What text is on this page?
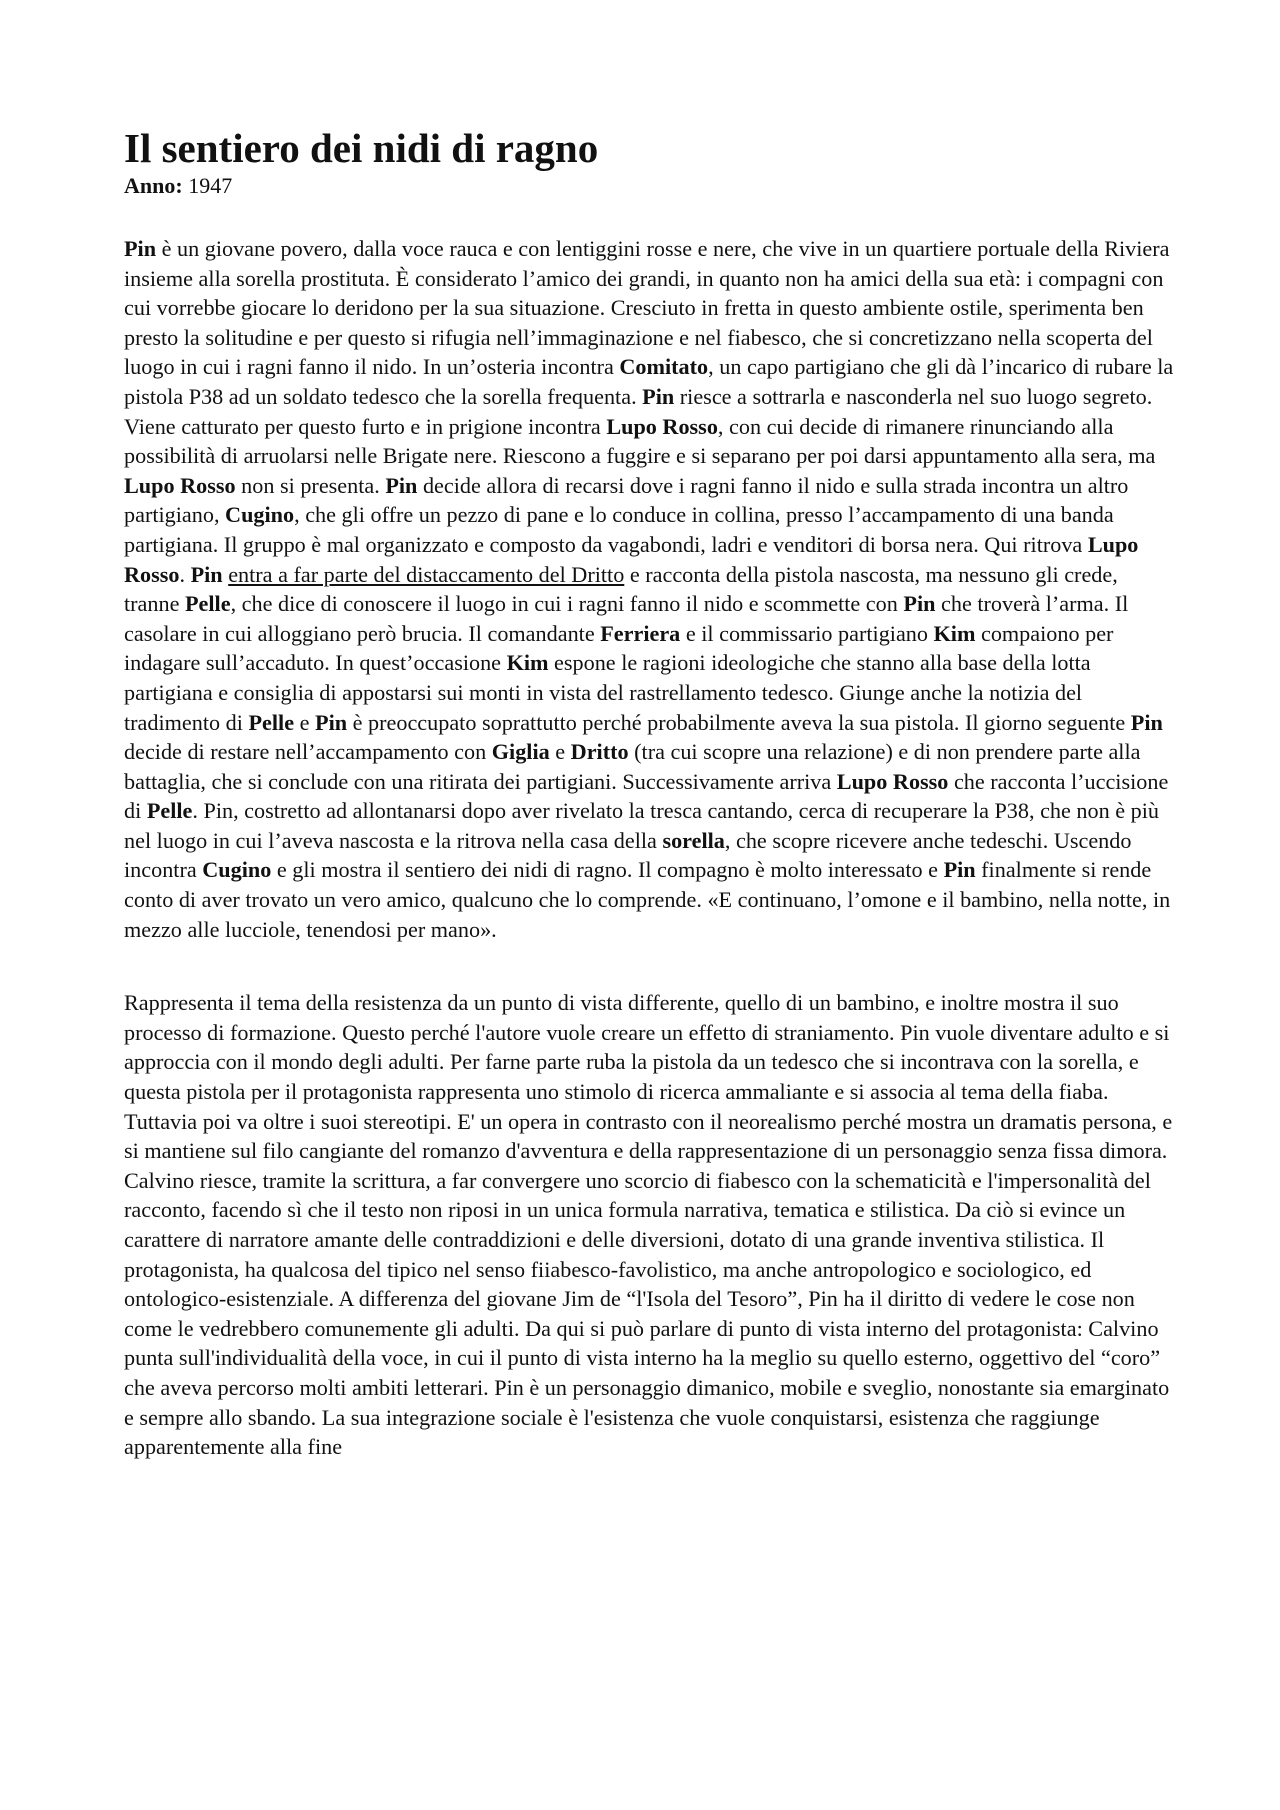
Il sentiero dei nidi di ragno

Anno: 1947

Pin è un giovane povero, dalla voce rauca e con lentiggini rosse e nere, che vive in un quartiere portuale della Riviera insieme alla sorella prostituta. È considerato l’amico dei grandi, in quanto non ha amici della sua età: i compagni con cui vorrebbe giocare lo deridono per la sua situazione. Cresciuto in fretta in questo ambiente ostile, sperimenta ben presto la solitudine e per questo si rifugia nell’immaginazione e nel fiabesco, che si concretizzano nella scoperta del luogo in cui i ragni fanno il nido. In un’osteria incontra Comitato, un capo partigiano che gli dà l’incarico di rubare la pistola P38 ad un soldato tedesco che la sorella frequenta. Pin riesce a sottrarla e nasconderla nel suo luogo segreto. Viene catturato per questo furto e in prigione incontra Lupo Rosso, con cui decide di rimanere rinunciando alla possibilità di arruolarsi nelle Brigate nere. Riescono a fuggire e si separano per poi darsi appuntamento alla sera, ma Lupo Rosso non si presenta. Pin decide allora di recarsi dove i ragni fanno il nido e sulla strada incontra un altro partigiano, Cugino, che gli offre un pezzo di pane e lo conduce in collina, presso l’accampamento di una banda partigiana. Il gruppo è mal organizzato e composto da vagabondi, ladri e venditori di borsa nera. Qui ritrova Lupo Rosso. Pin entra a far parte del distaccamento del Dritto e racconta della pistola nascosta, ma nessuno gli crede, tranne Pelle, che dice di conoscere il luogo in cui i ragni fanno il nido e scommette con Pin che troverà l’arma. Il casolare in cui alloggiano però brucia. Il comandante Ferriera e il commissario partigiano Kim compaiono per indagare sull’accaduto. In quest’occasione Kim espone le ragioni ideologiche che stanno alla base della lotta partigiana e consiglia di appostarsi sui monti in vista del rastrellamento tedesco. Giunge anche la notizia del tradimento di Pelle e Pin è preoccupato soprattutto perché probabilmente aveva la sua pistola. Il giorno seguente Pin decide di restare nell’accampamento con Giglia e Dritto (tra cui scopre una relazione) e di non prendere parte alla battaglia, che si conclude con una ritirata dei partigiani. Successivamente arriva Lupo Rosso che racconta l’uccisione di Pelle. Pin, costretto ad allontanarsi dopo aver rivelato la tresca cantando, cerca di recuperare la P38, che non è più nel luogo in cui l’aveva nascosta e la ritrova nella casa della sorella, che scopre ricevere anche tedeschi. Uscendo incontra Cugino e gli mostra il sentiero dei nidi di ragno. Il compagno è molto interessato e Pin finalmente si rende conto di aver trovato un vero amico, qualcuno che lo comprende. «E continuano, l’omone e il bambino, nella notte, in mezzo alle lucciole, tenendosi per mano».

Rappresenta il tema della resistenza da un punto di vista differente, quello di un bambino, e inoltre mostra il suo processo di formazione. Questo perché l'autore vuole creare un effetto di straniamento. Pin vuole diventare adulto e si approccia con il mondo degli adulti. Per farne parte ruba la pistola da un tedesco che si incontrava con la sorella, e questa pistola per il protagonista rappresenta uno stimolo di ricerca ammaliante e si associa al tema della fiaba. Tuttavia poi va oltre i suoi stereotipi. E' un opera in contrasto con il neorealismo perché mostra un dramatis persona, e si mantiene sul filo cangiante del romanzo d'avventura e della rappresentazione di un personaggio senza fissa dimora. Calvino riesce, tramite la scrittura, a far convergere uno scorcio di fiabesco con la schematicità e l'impersonalità del racconto, facendo sì che il testo non riposi in un unica formula narrativa, tematica e stilistica. Da ciò si evince un carattere di narratore amante delle contraddizioni e delle diversioni, dotato di una grande inventiva stilistica. Il protagonista, ha qualcosa del tipico nel senso fiiabesco-favolistico, ma anche antropologico e sociologico, ed ontologico-esistenziale. A differenza del giovane Jim de “l'Isola del Tesoro”, Pin ha il diritto di vedere le cose non come le vedrebbero comunemente gli adulti. Da qui si può parlare di punto di vista interno del protagonista: Calvino punta sull'individualità della voce, in cui il punto di vista interno ha la meglio su quello esterno, oggettivo del “coro” che aveva percorso molti ambiti letterari. Pin è un personaggio dimanico, mobile e sveglio, nonostante sia emarginato e sempre allo sbando. La sua integrazione sociale è l'esistenza che vuole conquistarsi, esistenza che raggiunge apparentemente alla fine
